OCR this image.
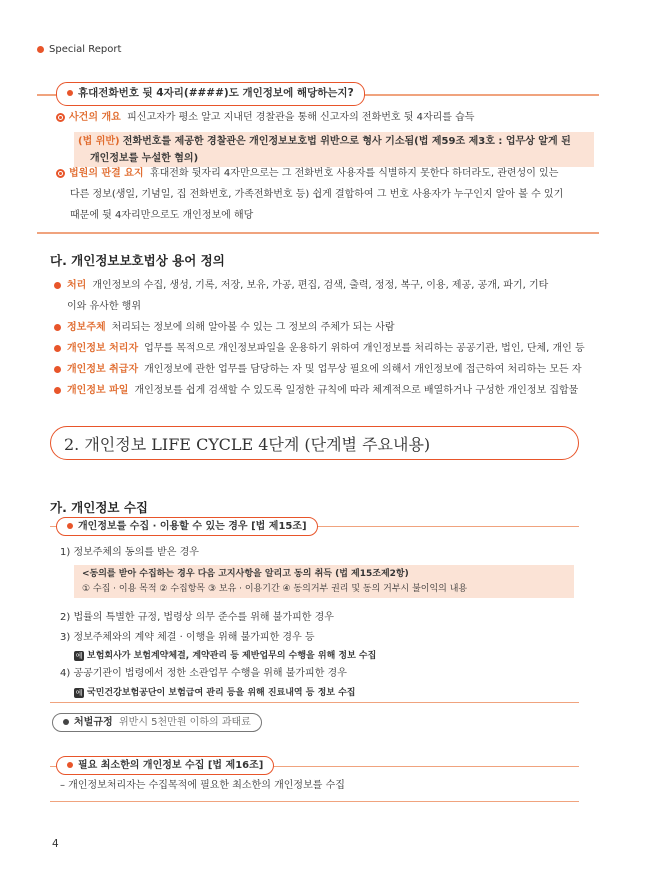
Special Report
휴대전화번호 뒷 4자리(####)도 개인정보에 해당하는지?
사건의 개요 피신고자가 평소 알고 지내던 경찰관을 통해 신고자의 전화번호 뒷 4자리를 습득
(법 위반) 전화번호를 제공한 경찰관은 개인정보보호법 위반으로 형사 기소됨(법 제59조 제3호 : 업무상 알게 된
개인정보를 누설한 혐의)
법원의 판결 요지 휴대전화 뒷자리 4자만으로는 그 전화번호 사용자를 식별하지 못한다 하더라도, 관련성이 있는
다른 정보(생일, 기념일, 집 전화번호, 가족전화번호 등) 쉽게 결합하여 그 번호 사용자가 누구인지 알아 볼 수 있기
때문에 뒷 4자리만으로도 개인정보에 해당
다. 개인정보보호법상 용어 정의
처리 개인정보의 수집, 생성, 기록, 저장, 보유, 가공, 편집, 검색, 출력, 정정, 복구, 이용, 제공, 공개, 파기, 기타
이와 유사한 행위
정보주체 처리되는 정보에 의해 알아볼 수 있는 그 정보의 주체가 되는 사람
개인정보 처리자 업무를 목적으로 개인정보파일을 운용하기 위하여 개인정보를 처리하는 공공기관, 법인, 단체, 개인 등
개인정보 취급자 개인정보에 관한 업무를 담당하는 자 및 업무상 필요에 의해서 개인정보에 접근하여 처리하는 모든 자
개인정보 파일 개인정보를 쉽게 검색할 수 있도록 일정한 규칙에 따라 체계적으로 배열하거나 구성한 개인정보 집합물
2. 개인정보 LIFE CYCLE 4단계 (단계별 주요내용)
가. 개인정보 수집
개인정보를 수집 · 이용할 수 있는 경우 [법 제15조]
1) 정보주체의 동의를 받은 경우
<동의를 받아 수집하는 경우 다음 고지사항을 알리고 동의 취득 (법 제15조제2항)
① 수집 · 이용 목적 ② 수집항목 ③ 보유 · 이용기간 ④ 동의거부 권리 및 동의 거부시 불이익의 내용
2) 법률의 특별한 규정, 법령상 의무 준수를 위해 불가피한 경우
3) 정보주체와의 계약 체결 · 이행을 위해 불가피한 경우 등
예 보험회사가 보험계약체결, 계약관리 등 제반업무의 수행을 위해 정보 수집
4) 공공기관이 법령에서 정한 소관업무 수행을 위해 불가피한 경우
예 국민건강보험공단이 보험급여 관리 등을 위해 진료내역 등 정보 수집
처벌규정 위반시 5천만원 이하의 과태료
필요 최소한의 개인정보 수집 [법 제16조]
– 개인정보처리자는 수집목적에 필요한 최소한의 개인정보를 수집
4
